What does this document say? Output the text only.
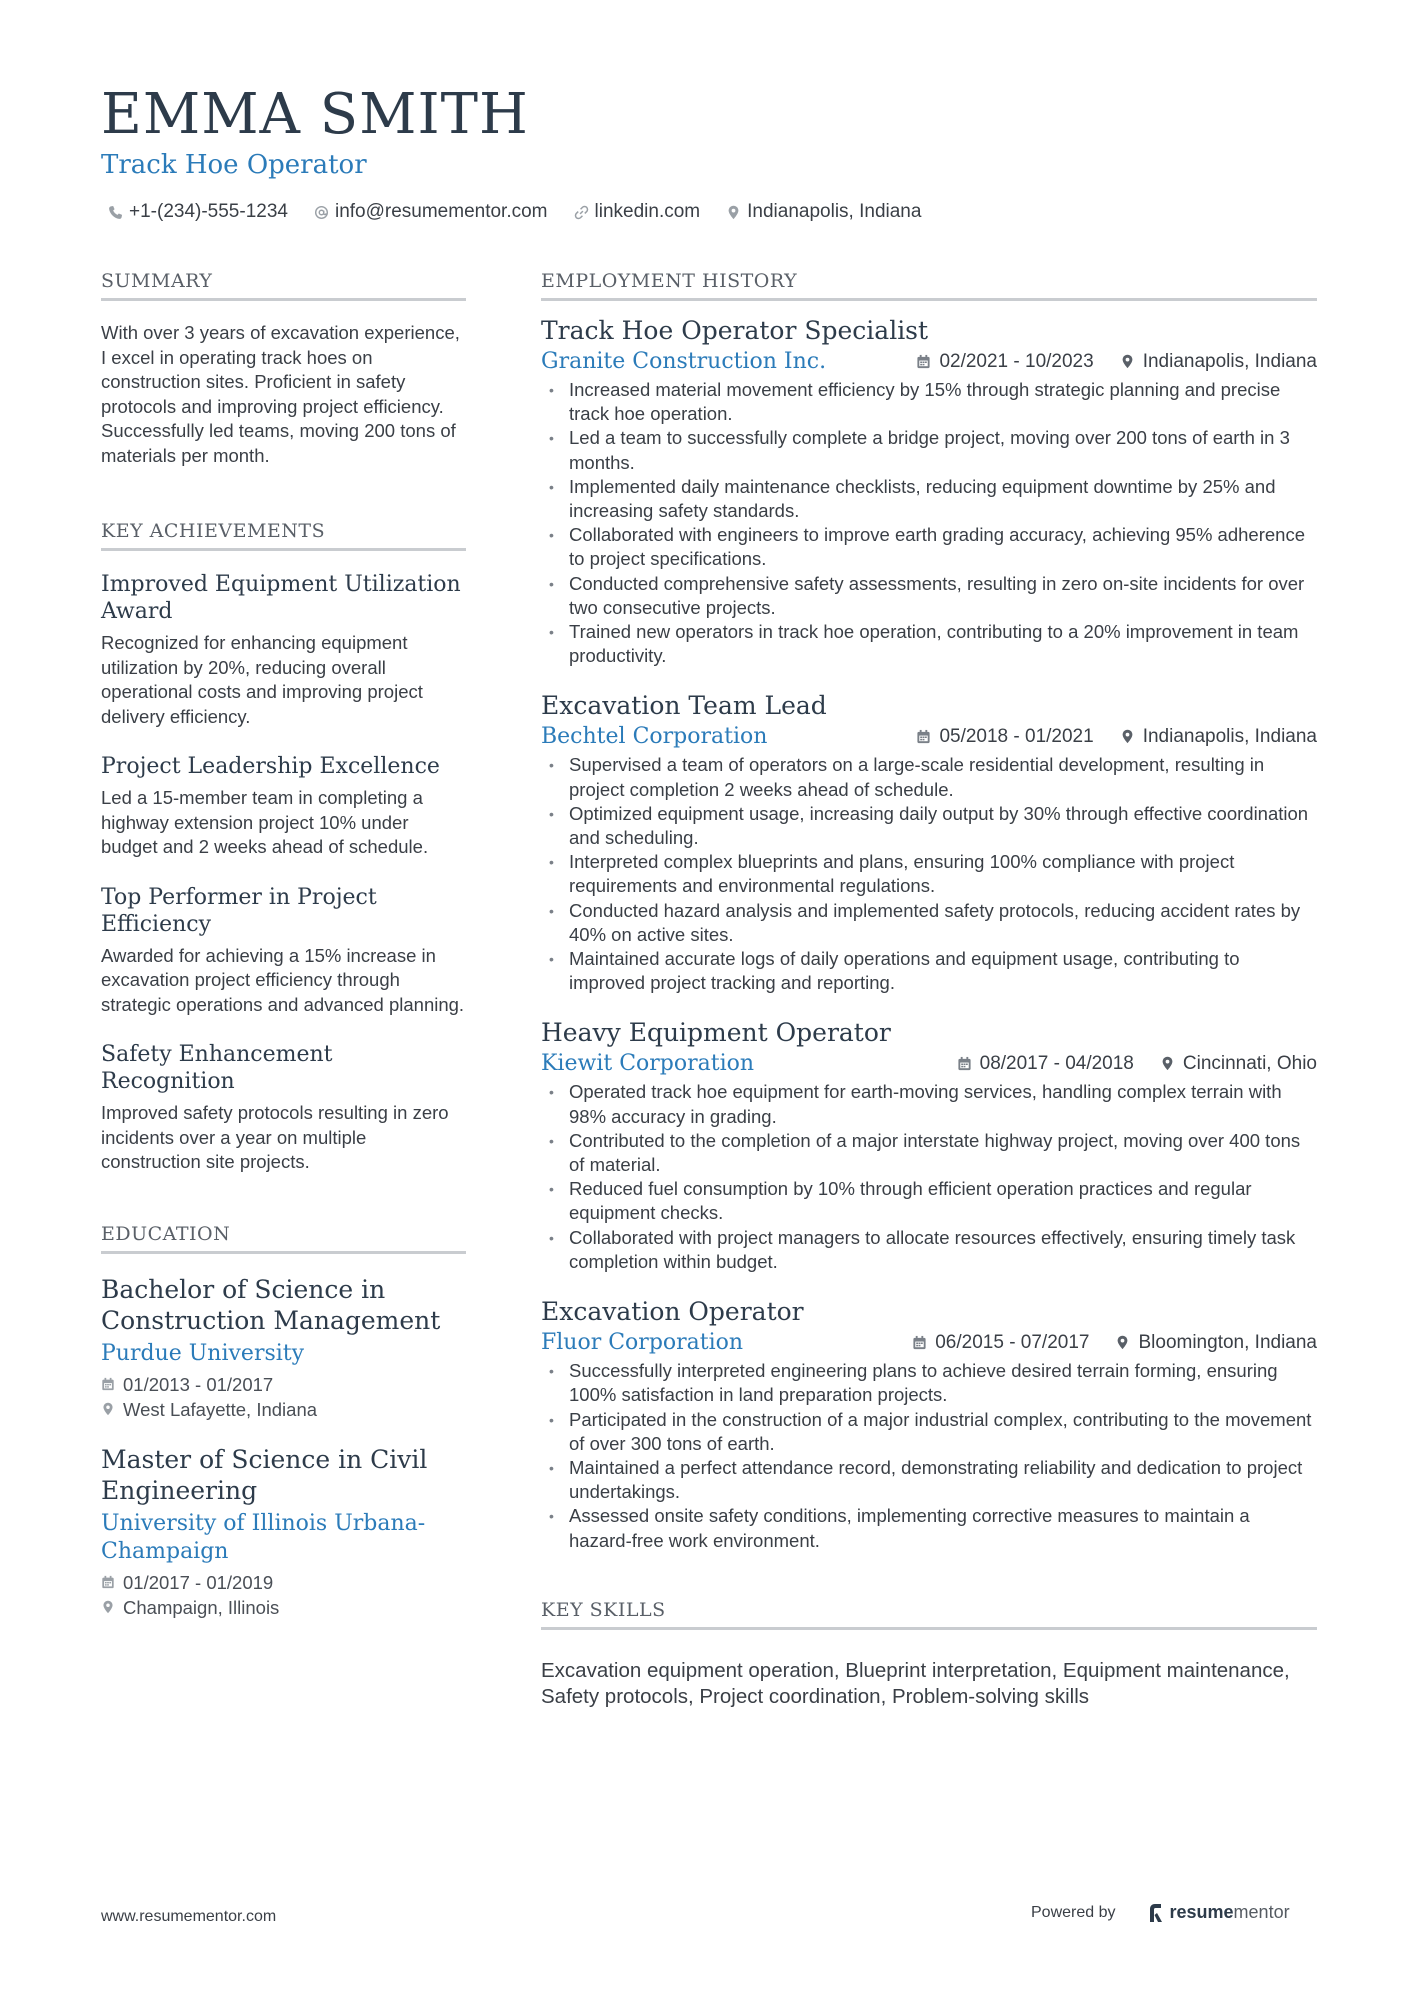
EMMA SMITH
Track Hoe Operator
+1-(234)-555-1234 info@resumementor.com linkedin.com Indianapolis, Indiana
SUMMARY

With over 3 years of excavation experience, I excel in operating track hoes on construction sites. Proficient in safety protocols and improving project efficiency. Successfully led teams, moving 200 tons of materials per month.

KEY ACHIEVEMENTS
Improved Equipment Utilization Award

Recognized for enhancing equipment utilization by 20%, reducing overall operational costs and improving project delivery efficiency.

Project Leadership Excellence

Led a 15-member team in completing a highway extension project 10% under budget and 2 weeks ahead of schedule.

Top Performer in Project Efficiency

Awarded for achieving a 15% increase in excavation project efficiency through strategic operations and advanced planning.

Safety Enhancement Recognition

Improved safety protocols resulting in zero incidents over a year on multiple construction site projects.

EDUCATION
Bachelor of Science in Construction Management
Purdue University
01/2013 - 01/2017
West Lafayette, Indiana
Master of Science in Civil Engineering
University of Illinois Urbana-Champaign
01/2017 - 01/2019
Champaign, Illinois
EMPLOYMENT HISTORY
Track Hoe Operator Specialist
Granite Construction Inc.	02/2021 - 10/2023	Indianapolis, Indiana
• Increased material movement efficiency by 15% through strategic planning and precise track hoe operation.
• Led a team to successfully complete a bridge project, moving over 200 tons of earth in 3 months.
• Implemented daily maintenance checklists, reducing equipment downtime by 25% and increasing safety standards.
• Collaborated with engineers to improve earth grading accuracy, achieving 95% adherence to project specifications.
• Conducted comprehensive safety assessments, resulting in zero on-site incidents for over two consecutive projects.
• Trained new operators in track hoe operation, contributing to a 20% improvement in team productivity.
Excavation Team Lead
Bechtel Corporation	05/2018 - 01/2021	Indianapolis, Indiana
• Supervised a team of operators on a large-scale residential development, resulting in project completion 2 weeks ahead of schedule.
• Optimized equipment usage, increasing daily output by 30% through effective coordination and scheduling.
• Interpreted complex blueprints and plans, ensuring 100% compliance with project requirements and environmental regulations.
• Conducted hazard analysis and implemented safety protocols, reducing accident rates by 40% on active sites.
• Maintained accurate logs of daily operations and equipment usage, contributing to improved project tracking and reporting.
Heavy Equipment Operator
Kiewit Corporation	08/2017 - 04/2018	Cincinnati, Ohio
• Operated track hoe equipment for earth-moving services, handling complex terrain with 98% accuracy in grading.
• Contributed to the completion of a major interstate highway project, moving over 400 tons of material.
• Reduced fuel consumption by 10% through efficient operation practices and regular equipment checks.
• Collaborated with project managers to allocate resources effectively, ensuring timely task completion within budget.
Excavation Operator
Fluor Corporation	06/2015 - 07/2017	Bloomington, Indiana
• Successfully interpreted engineering plans to achieve desired terrain forming, ensuring 100% satisfaction in land preparation projects.
• Participated in the construction of a major industrial complex, contributing to the movement of over 300 tons of earth.
• Maintained a perfect attendance record, demonstrating reliability and dedication to project undertakings.
• Assessed onsite safety conditions, implementing corrective measures to maintain a hazard-free work environment.
KEY SKILLS

Excavation equipment operation, Blueprint interpretation, Equipment maintenance, Safety protocols, Project coordination, Problem-solving skills

www.resumementor.com	Powered by	resume mentor
